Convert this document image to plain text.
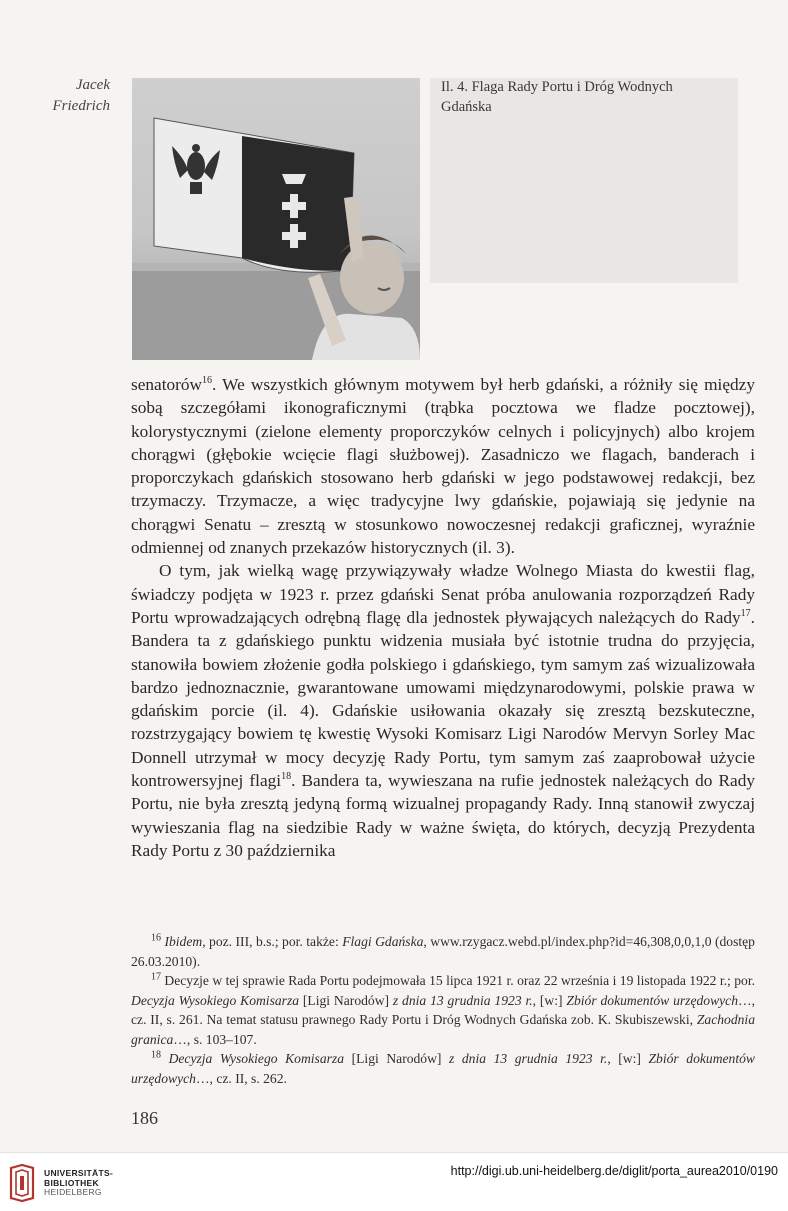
Jacek
Friedrich
Il. 4. Flaga Rady Portu i Dróg Wodnych
Gdańska

senatorów$^{16}$. We wszystkich głównym motywem był herb gdański, a różniły się między sobą szczegółami ikonograficznymi (trąbka pocztowa we fladze pocztowej), kolorystycznymi (zielone elementy proporczyków celnych i policyjnych) albo krojem chorągwi (głębokie wcięcie flagi służbowej). Zasadniczo we flagach, banderach i proporczykach gdańskich stosowano herb gdański w jego podstawowej redakcji, bez trzymaczy. Trzymacze, a więc tradycyjne lwy gdańskie, pojawiają się jedynie na chorągwi Senatu – zresztą w stosunkowo nowoczesnej redakcji graficznej, wyraźnie odmiennej od znanych przekazów historycznych (il. 3).

O tym, jak wielką wagę przywiązywały władze Wolnego Miasta do kwestii flag, świadczy podjęta w 1923 r. przez gdański Senat próba anulowania rozporządzeń Rady Portu wprowadzających odrębną flagę dla jednostek pływających należących do Rady$^{17}$. Bandera ta z gdańskiego punktu widzenia musiała być istotnie trudna do przyjęcia, stanowiła bowiem złożenie godła polskiego i gdańskiego, tym samym zaś wizualizowała bardzo jednoznacznie, gwarantowane umowami międzynarodowymi, polskie prawa w gdańskim porcie (il. 4). Gdańskie usiłowania okazały się zresztą bezskuteczne, rozstrzygający bowiem tę kwestię Wysoki Komisarz Ligi Narodów Mervyn Sorley Mac Donnell utrzymał w mocy decyzję Rady Portu, tym samym zaś zaaprobował użycie kontrowersyjnej flagi$^{18}$. Bandera ta, wywieszana na rufie jednostek należących do Rady Portu, nie była zresztą jedyną formą wizualnej propagandy Rady. Inną stanowił zwyczaj wywieszania flag na siedzibie Rady w ważne święta, do których, decyzją Prezydenta Rady Portu z 30 października

$^{16}$ Ibidem, poz. III, b.s.; por. także: Flagi Gdańska, www.rzygacz.webd.pl/index.php?id=46,308,0,0,1,0 (dostęp 26.03.2010).

$^{17}$ Decyzje w tej sprawie Rada Portu podejmowała 15 lipca 1921 r. oraz 22 września i 19 listopada 1922 r.; por. Decyzja Wysokiego Komisarza [Ligi Narodów] z dnia 13 grudnia 1923 r., [w:] Zbiór dokumentów urzędowych…, cz. II, s. 261. Na temat statusu prawnego Rady Portu i Dróg Wodnych Gdańska zob. K. Skubiszewski, Zachodnia granica…, s. 103–107.

$^{18}$ Decyzja Wysokiego Komisarza [Ligi Narodów] z dnia 13 grudnia 1923 r., [w:] Zbiór dokumentów urzędowych…, cz. II, s. 262.

186
UNIVERSITÄTS-
BIBLIOTHEK
HEIDELBERG
http://digi.ub.uni-heidelberg.de/diglit/porta_aurea2010/0190
